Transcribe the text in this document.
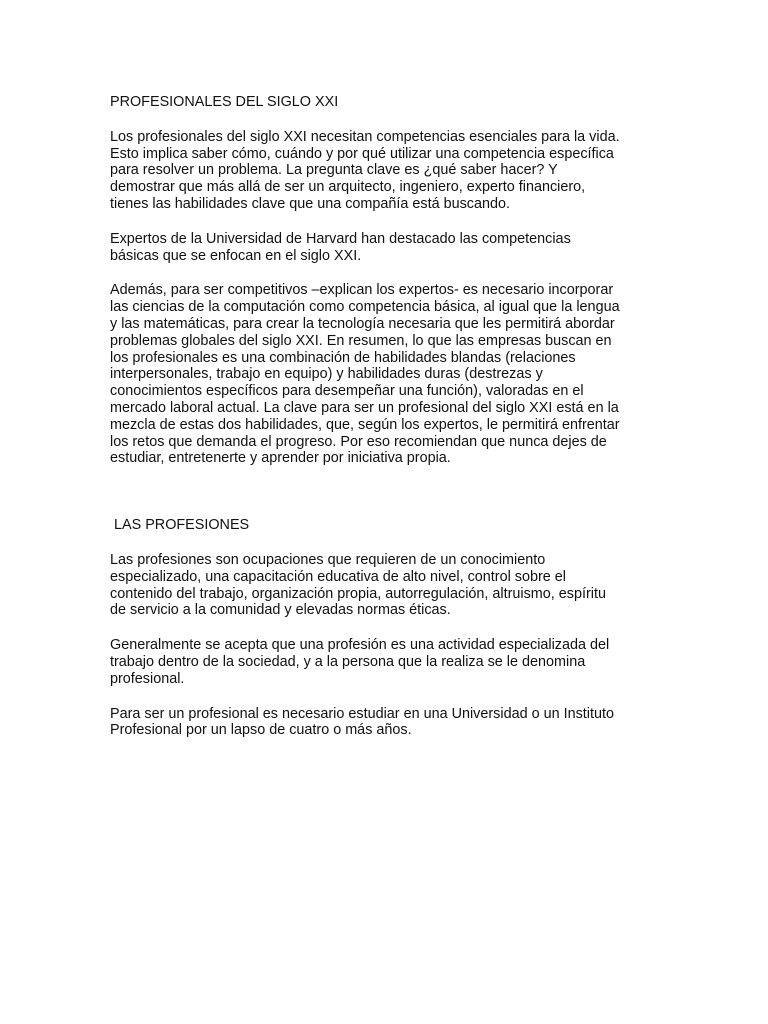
PROFESIONALES DEL SIGLO XXI

Los profesionales del siglo XXI necesitan competencias esenciales para la vida.
Esto implica saber cómo, cuándo y por qué utilizar una competencia específica
para resolver un problema. La pregunta clave es ¿qué saber hacer? Y
demostrar que más allá de ser un arquitecto, ingeniero, experto financiero,
tienes las habilidades clave que una compañía está buscando.

Expertos de la Universidad de Harvard han destacado las competencias
básicas que se enfocan en el siglo XXI.

Además, para ser competitivos –explican los expertos- es necesario incorporar
las ciencias de la computación como competencia básica, al igual que la lengua
y las matemáticas, para crear la tecnología necesaria que les permitirá abordar
problemas globales del siglo XXI. En resumen, lo que las empresas buscan en
los profesionales es una combinación de habilidades blandas (relaciones
interpersonales, trabajo en equipo) y habilidades duras (destrezas y
conocimientos específicos para desempeñar una función), valoradas en el
mercado laboral actual. La clave para ser un profesional del siglo XXI está en la
mezcla de estas dos habilidades, que, según los expertos, le permitirá enfrentar
los retos que demanda el progreso. Por eso recomiendan que nunca dejes de
estudiar, entretenerte y aprender por iniciativa propia.

LAS PROFESIONES

Las profesiones son ocupaciones que requieren de un conocimiento
especializado, una capacitación educativa de alto nivel, control sobre el
contenido del trabajo, organización propia, autorregulación, altruismo, espíritu
de servicio a la comunidad y elevadas normas éticas.

Generalmente se acepta que una profesión es una actividad especializada del
trabajo dentro de la sociedad, y a la persona que la realiza se le denomina
profesional.

Para ser un profesional es necesario estudiar en una Universidad o un Instituto
Profesional por un lapso de cuatro o más años.
